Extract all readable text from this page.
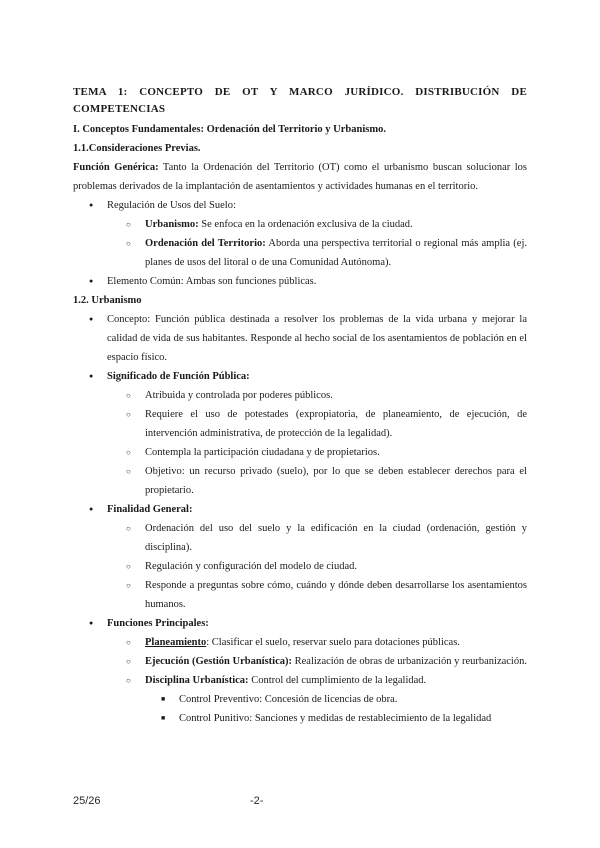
TEMA 1: CONCEPTO DE OT Y MARCO JURÍDICO. DISTRIBUCIÓN DE
COMPETENCIAS
I. Conceptos Fundamentales: Ordenación del Territorio y Urbanismo.
1.1.Consideraciones Previas.
Función Genérica: Tanto la Ordenación del Territorio (OT) como el urbanismo buscan solucionar los problemas derivados de la implantación de asentamientos y actividades humanas en el territorio.
● Regulación de Usos del Suelo:
○ Urbanismo: Se enfoca en la ordenación exclusiva de la ciudad.
○ Ordenación del Territorio: Aborda una perspectiva territorial o regional más amplia (ej. planes de usos del litoral o de una Comunidad Autónoma).
● Elemento Común: Ambas son funciones públicas.
1.2. Urbanismo
● Concepto: Función pública destinada a resolver los problemas de la vida urbana y mejorar la calidad de vida de sus habitantes. Responde al hecho social de los asentamientos de población en el espacio físico.
● Significado de Función Pública:
○ Atribuida y controlada por poderes públicos.
○ Requiere el uso de potestades (expropiatoria, de planeamiento, de ejecución, de intervención administrativa, de protección de la legalidad).
○ Contempla la participación ciudadana y de propietarios.
○ Objetivo: un recurso privado (suelo), por lo que se deben establecer derechos para el propietario.
● Finalidad General:
○ Ordenación del uso del suelo y la edificación en la ciudad (ordenación, gestión y disciplina).
○ Regulación y configuración del modelo de ciudad.
○ Responde a preguntas sobre cómo, cuándo y dónde deben desarrollarse los asentamientos humanos.
● Funciones Principales:
○ Planeamiento: Clasificar el suelo, reservar suelo para dotaciones públicas.
○ Ejecución (Gestión Urbanística): Realización de obras de urbanización y reurbanización.
○ Disciplina Urbanística: Control del cumplimiento de la legalidad.
■ Control Preventivo: Concesión de licencias de obra.
■ Control Punitivo: Sanciones y medidas de restablecimiento de la legalidad
25/26	-2-
